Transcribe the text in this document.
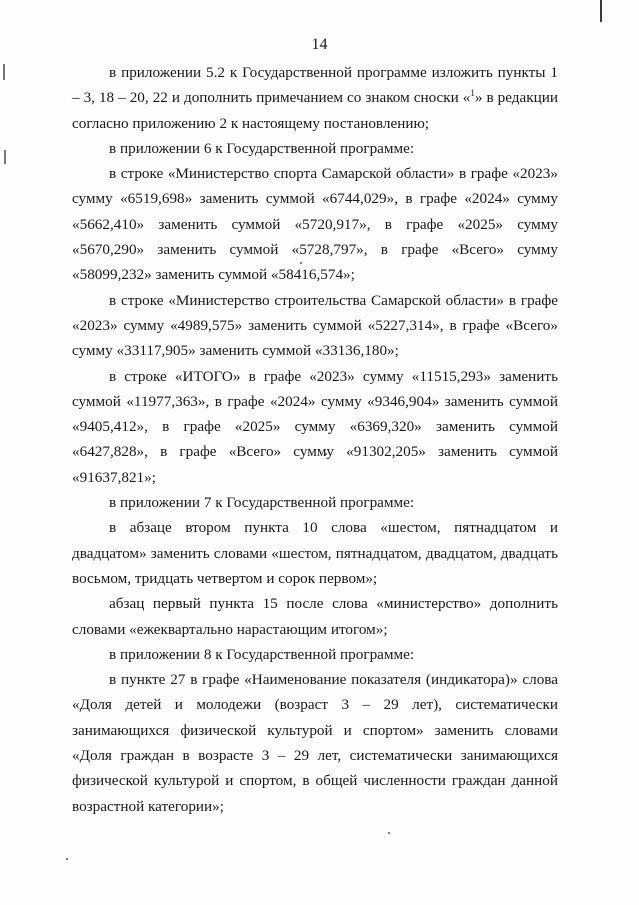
14

в приложении 5.2 к Государственной программе изложить пункты 1 – 3, 18 – 20, 22 и дополнить примечанием со знаком сноски «$^1$» в редакции согласно приложению 2 к настоящему постановлению;

в приложении 6 к Государственной программе:

в строке «Министерство спорта Самарской области» в графе «2023» сумму «6519,698» заменить суммой «6744,029», в графе «2024» сумму «5662,410» заменить суммой «5720,917», в графе «2025» сумму «5670,290» заменить суммой «5728,797», в графе «Всего» сумму «58099,232» заменить суммой «58416,574»;

в строке «Министерство строительства Самарской области» в графе «2023» сумму «4989,575» заменить суммой «5227,314», в графе «Всего» сумму «33117,905» заменить суммой «33136,180»;

в строке «ИТОГО» в графе «2023» сумму «11515,293» заменить суммой «11977,363», в графе «2024» сумму «9346,904» заменить суммой «9405,412», в графе «2025» сумму «6369,320» заменить суммой «6427,828», в графе «Всего» сумму «91302,205» заменить суммой «91637,821»;

в приложении 7 к Государственной программе:

в абзаце втором пункта 10 слова «шестом, пятнадцатом и двадцатом» заменить словами «шестом, пятнадцатом, двадцатом, двадцать восьмом, тридцать четвертом и сорок первом»;

абзац первый пункта 15 после слова «министерство» дополнить словами «ежеквартально нарастающим итогом»;

в приложении 8 к Государственной программе:

в пункте 27 в графе «Наименование показателя (индикатора)» слова «Доля детей и молодежи (возраст 3 – 29 лет), систематически занимающихся физической культурой и спортом» заменить словами «Доля граждан в возрасте 3 – 29 лет, систематически занимающихся физической культурой и спортом, в общей численности граждан данной возрастной категории»;
